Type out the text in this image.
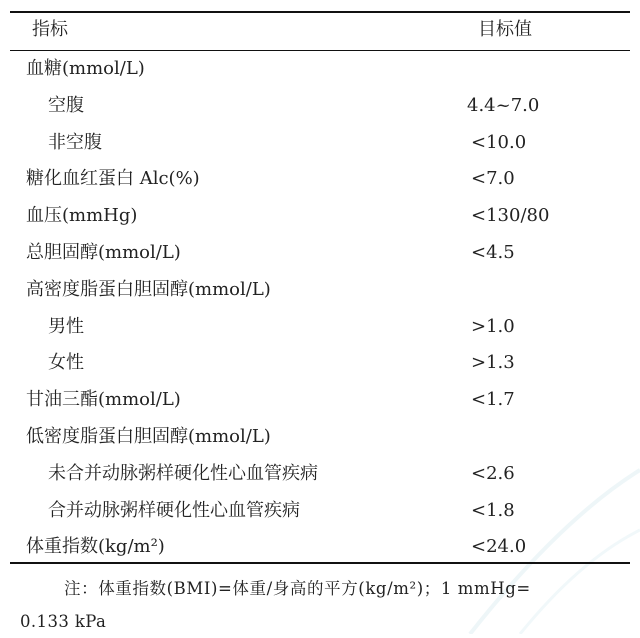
指标	目标值
血糖(mmol/L)
空腹	4.4~7.0
非空腹	<10.0
糖化血红蛋白 Alc(%)	<7.0
血压(mmHg)	<130/80
总胆固醇(mmol/L)	<4.5
高密度脂蛋白胆固醇(mmol/L)
男性	>1.0
女性	>1.3
甘油三酯(mmol/L)	<1.7
低密度脂蛋白胆固醇(mmol/L)
未合并动脉粥样硬化性心血管疾病	<2.6
合并动脉粥样硬化性心血管疾病	<1.8
体重指数(kg/m²)	<24.0
注：体重指数(BMI)=体重/身高的平方(kg/m²)；1 mmHg=
0.133 kPa
